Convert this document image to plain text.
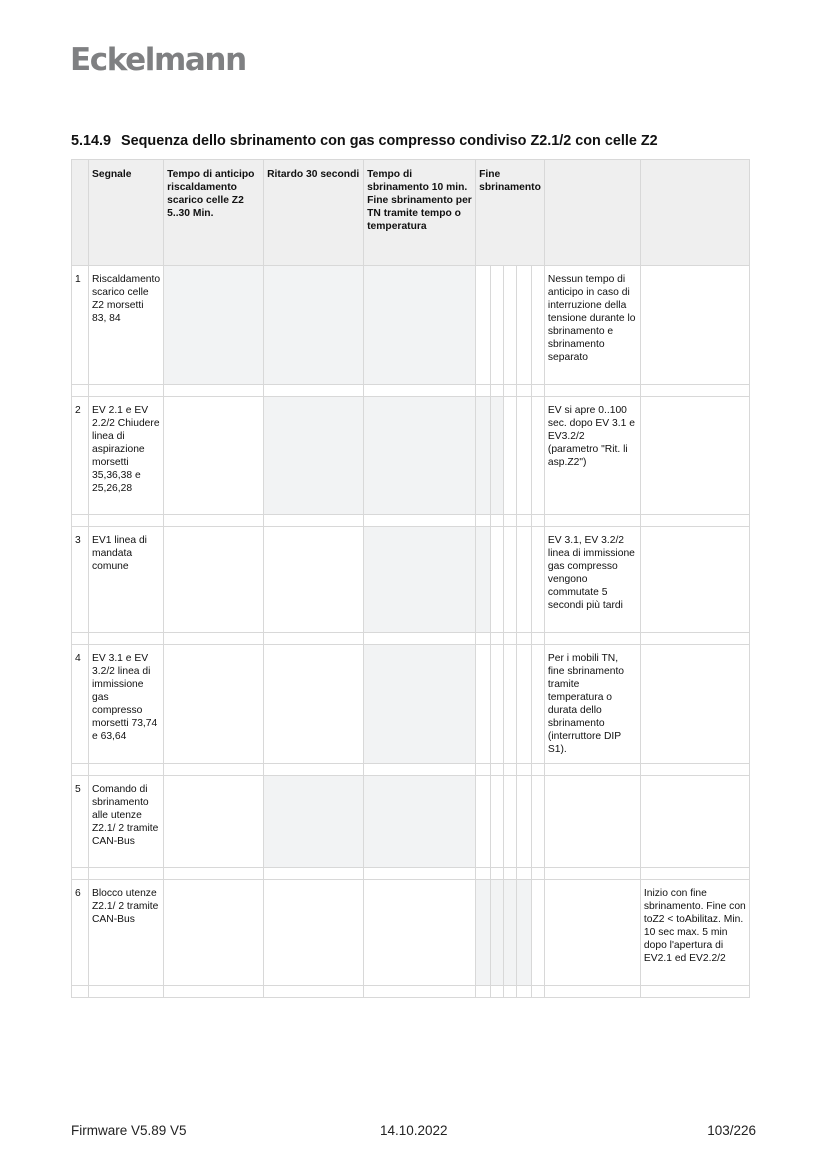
Eckelmann
5.14.9 Sequenza dello sbrinamento con gas compresso condiviso Z2.1/2 con celle Z2
	Segnale	Tempo di anticipo riscaldamento scarico celle Z2 5..30 Min.	Ritardo 30 secondi	Tempo di sbrinamento 10 min. Fine sbrinamento per TN tramite tempo o temperatura	Fine sbrinamento						
1	Riscaldamento scarico celle Z2 morsetti 83, 84									Nessun tempo di anticipo in caso di interruzione della tensione durante lo sbrinamento e sbrinamento separato	

2	EV 2.1 e EV 2.2/2 Chiudere linea di aspirazione morsetti 35,36,38 e 25,26,28									EV si apre 0..100 sec. dopo EV 3.1 e EV3.2/2 (parametro "Rit. li asp.Z2")	

3	EV1 linea di mandata comune									EV 3.1, EV 3.2/2 linea di immissione gas compresso vengono commutate 5 secondi più tardi	

4	EV 3.1 e EV 3.2/2 linea di immissione gas compresso morsetti 73,74 e 63,64									Per i mobili TN, fine sbrinamento tramite temperatura o durata dello sbrinamento (interruttore DIP S1).	

5	Comando di sbrinamento alle utenze Z2.1/ 2 tramite CAN-Bus										

6	Blocco utenze Z2.1/ 2 tramite CAN-Bus										Inizio con fine sbrinamento. Fine con toZ2 < toAbilitaz. Min. 10 sec max. 5 min dopo l'apertura di EV2.1 ed EV2.2/2

Firmware V5.89 V5	14.10.2022	103/226
